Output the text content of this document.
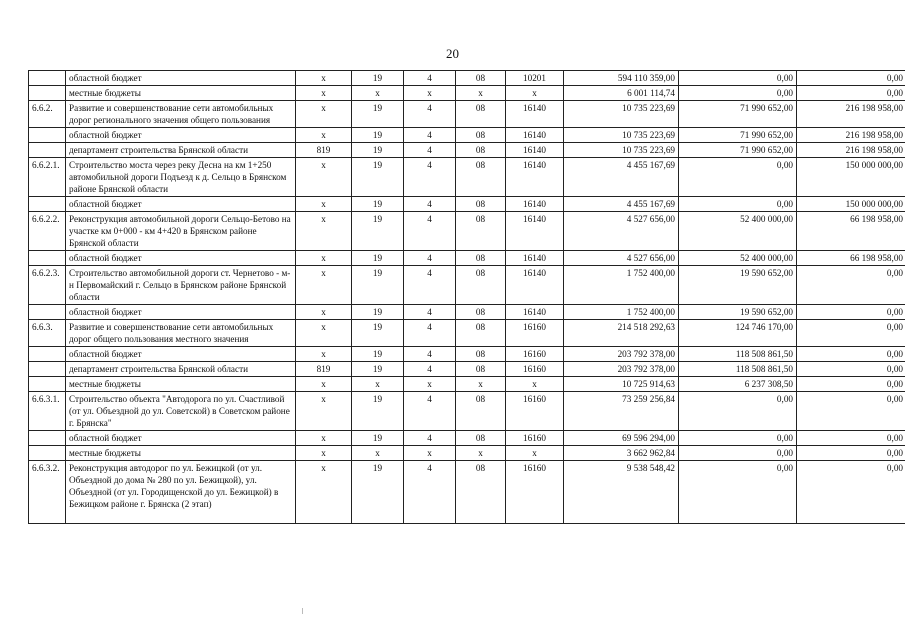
20
	областной бюджет	x	19	4	08	10201	594 110 359,00	0,00	0,00
	местные бюджеты	x	x	x	x	x	6 001 114,74	0,00	0,00
6.6.2.	Развитие и совершенствование сети автомобильных дорог регионального значения общего пользования	x	19	4	08	16140	10 735 223,69	71 990 652,00	216 198 958,00
	областной бюджет	x	19	4	08	16140	10 735 223,69	71 990 652,00	216 198 958,00
	департамент строительства Брянской области	819	19	4	08	16140	10 735 223,69	71 990 652,00	216 198 958,00
6.6.2.1.	Строительство моста через реку Десна на км 1+250 автомобильной дороги Подъезд к д. Сельцо в Брянском районе Брянской области	x	19	4	08	16140	4 455 167,69	0,00	150 000 000,00
	областной бюджет	x	19	4	08	16140	4 455 167,69	0,00	150 000 000,00
6.6.2.2.	Реконструкция автомобильной дороги Сельцо-Бетово на участке км 0+000 - км 4+420 в Брянском районе Брянской области	x	19	4	08	16140	4 527 656,00	52 400 000,00	66 198 958,00
	областной бюджет	x	19	4	08	16140	4 527 656,00	52 400 000,00	66 198 958,00
6.6.2.3.	Строительство автомобильной дороги ст. Чернетово - м-н Первомайский г. Сельцо в Брянском районе Брянской области	x	19	4	08	16140	1 752 400,00	19 590 652,00	0,00
	областной бюджет	x	19	4	08	16140	1 752 400,00	19 590 652,00	0,00
6.6.3.	Развитие и совершенствование сети автомобильных дорог общего пользования местного значения	x	19	4	08	16160	214 518 292,63	124 746 170,00	0,00
	областной бюджет	x	19	4	08	16160	203 792 378,00	118 508 861,50	0,00
	департамент строительства Брянской области	819	19	4	08	16160	203 792 378,00	118 508 861,50	0,00
	местные бюджеты	x	x	x	x	x	10 725 914,63	6 237 308,50	0,00
6.6.3.1.	Строительство объекта "Автодорога по ул. Счастливой (от ул. Объездной до ул. Советской) в Советском районе г. Брянска"	x	19	4	08	16160	73 259 256,84	0,00	0,00
	областной бюджет	x	19	4	08	16160	69 596 294,00	0,00	0,00
	местные бюджеты	x	x	x	x	x	3 662 962,84	0,00	0,00
6.6.3.2.	Реконструкция автодорог по ул. Бежицкой (от ул. Объездной до дома № 280 по ул. Бежицкой), ул. Объездной (от ул. Городищенской до ул. Бежицкой) в Бежицком районе г. Брянска (2 этап)	x	19	4	08	16160	9 538 548,42	0,00	0,00
